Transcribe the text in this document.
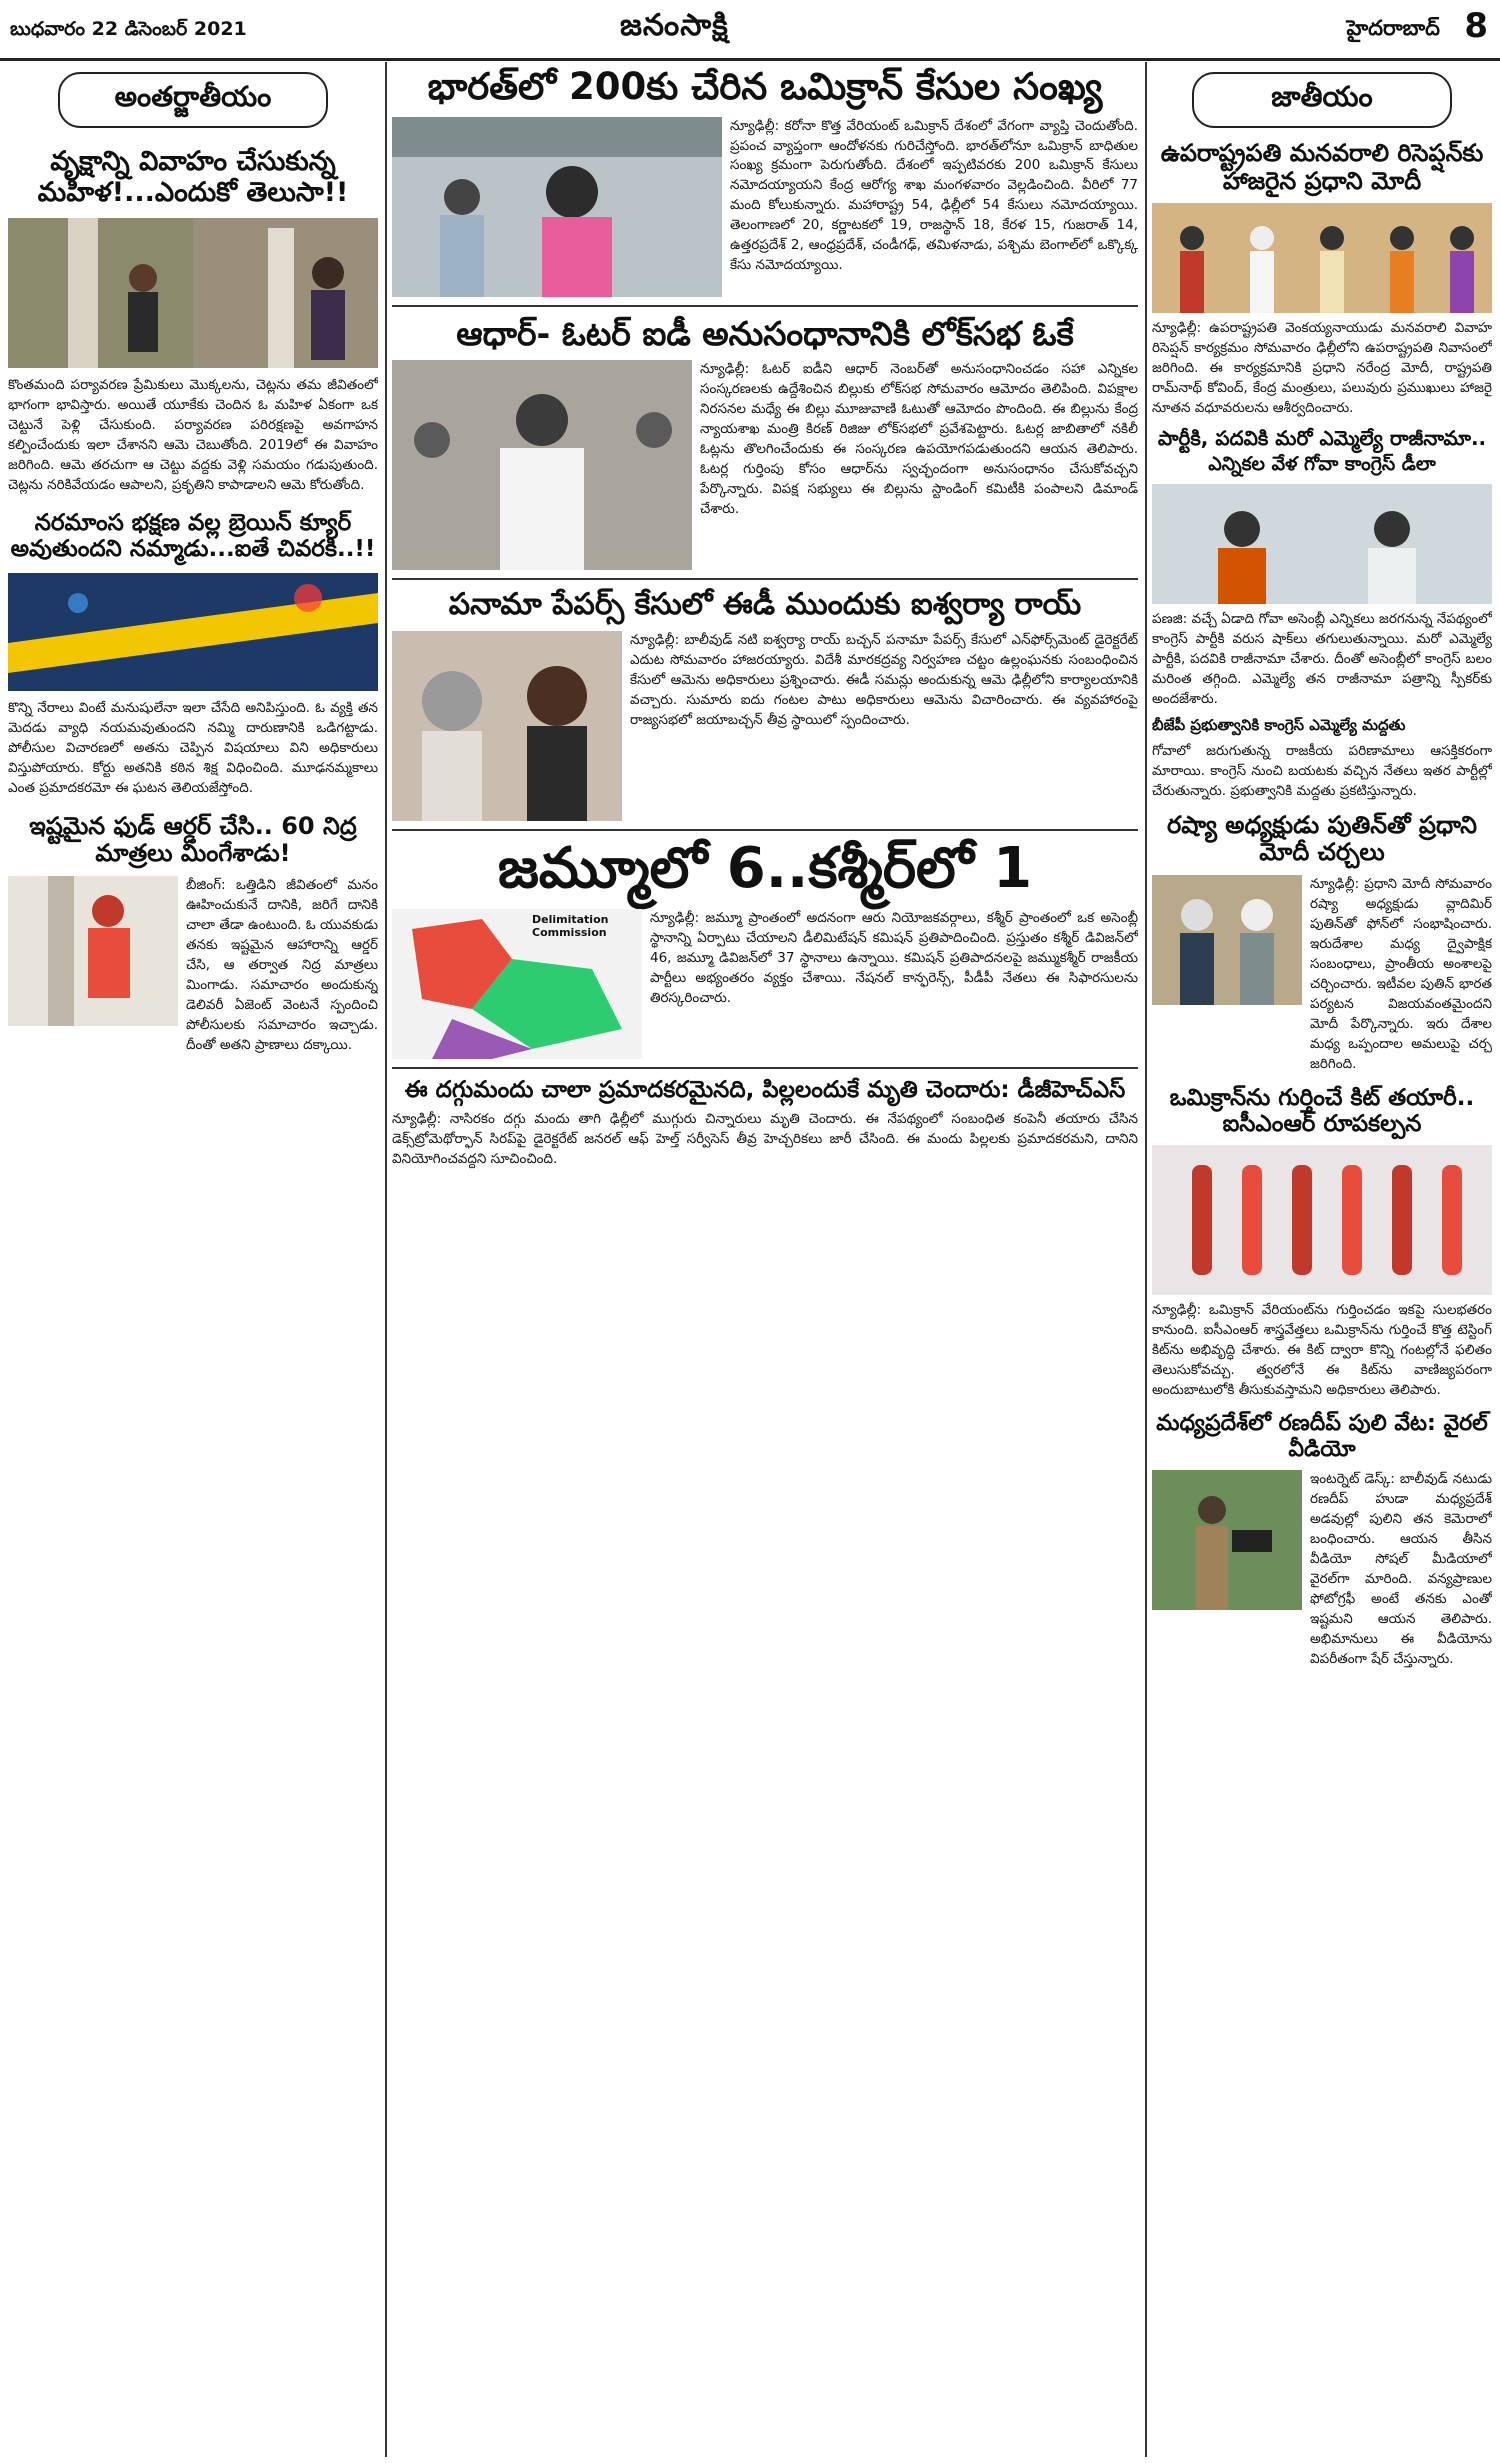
బుధవారం 22 డిసెంబర్ 2021	జనంసాక్షి	హైదరాబాద్ 8
అంతర్జాతీయం
వృక్షాన్ని వివాహం చేసుకున్న మహిళ!...ఎందుకో తెలుసా!!

కొంతమంది పర్యావరణ ప్రేమికులు మొక్కలను, చెట్లను తమ జీవితంలో భాగంగా భావిస్తారు. అయితే యూకేకు చెందిన ఓ మహిళ ఏకంగా ఒక చెట్టునే పెళ్లి చేసుకుంది. పర్యావరణ పరిరక్షణపై అవగాహన కల్పించేందుకు ఇలా చేశానని ఆమె చెబుతోంది. 2019లో ఈ వివాహం జరిగింది. ఆమె తరచుగా ఆ చెట్టు వద్దకు వెళ్లి సమయం గడుపుతుంది. చెట్లను నరికివేయడం ఆపాలని, ప్రకృతిని కాపాడాలని ఆమె కోరుతోంది.

నరమాంస భక్షణ వల్ల బ్రెయిన్ క్యూర్ అవుతుందని నమ్మాడు...ఐతే చివరకి..!!

కొన్ని నేరాలు వింటే మనుషులేనా ఇలా చేసేది అనిపిస్తుంది. ఓ వ్యక్తి తన మెదడు వ్యాధి నయమవుతుందని నమ్మి దారుణానికి ఒడిగట్టాడు. పోలీసుల విచారణలో అతను చెప్పిన విషయాలు విని అధికారులు విస్తుపోయారు. కోర్టు అతనికి కఠిన శిక్ష విధించింది. మూఢనమ్మకాలు ఎంత ప్రమాదకరమో ఈ ఘటన తెలియజేస్తోంది.

ఇష్టమైన ఫుడ్ ఆర్డర్ చేసి.. 60 నిద్ర మాత్రలు మింగేశాడు!

బీజింగ్: ఒత్తిడిని జీవితంలో మనం ఊహించుకునే దానికి, జరిగే దానికి చాలా తేడా ఉంటుంది. ఓ యువకుడు తనకు ఇష్టమైన ఆహారాన్ని ఆర్డర్ చేసి, ఆ తర్వాత నిద్ర మాత్రలు మింగాడు. సమాచారం అందుకున్న డెలివరీ ఏజెంట్ వెంటనే స్పందించి పోలీసులకు సమాచారం ఇచ్చాడు. దీంతో అతని ప్రాణాలు దక్కాయి.

భారత్‌లో 200కు చేరిన ఒమిక్రాన్ కేసుల సంఖ్య

న్యూఢిల్లీ: కరోనా కొత్త వేరియంట్ ఒమిక్రాన్ దేశంలో వేగంగా వ్యాప్తి చెందుతోంది. ప్రపంచ వ్యాప్తంగా ఆందోళనకు గురిచేస్తోంది. భారత్‌లోనూ ఒమిక్రాన్ బాధితుల సంఖ్య క్రమంగా పెరుగుతోంది. దేశంలో ఇప్పటివరకు 200 ఒమిక్రాన్ కేసులు నమోదయ్యాయని కేంద్ర ఆరోగ్య శాఖ మంగళవారం వెల్లడించింది. వీరిలో 77 మంది కోలుకున్నారు. మహారాష్ట్ర 54, ఢిల్లీలో 54 కేసులు నమోదయ్యాయి. తెలంగాణలో 20, కర్ణాటకలో 19, రాజస్థాన్ 18, కేరళ 15, గుజరాత్ 14, ఉత్తరప్రదేశ్ 2, ఆంధ్రప్రదేశ్, చండీగఢ్, తమిళనాడు, పశ్చిమ బెంగాల్‌లో ఒక్కొక్క కేసు నమోదయ్యాయి.

ఆధార్- ఓటర్ ఐడీ అనుసంధానానికి లోక్‌సభ ఓకే

న్యూఢిల్లీ: ఓటర్ ఐడీని ఆధార్ నెంబర్‌తో అనుసంధానించడం సహా ఎన్నికల సంస్కరణలకు ఉద్దేశించిన బిల్లుకు లోక్‌సభ సోమవారం ఆమోదం తెలిపింది. విపక్షాల నిరసనల మధ్యే ఈ బిల్లు మూజువాణి ఓటుతో ఆమోదం పొందింది. ఈ బిల్లును కేంద్ర న్యాయశాఖ మంత్రి కిరణ్ రిజిజు లోక్‌సభలో ప్రవేశపెట్టారు. ఓటర్ల జాబితాలో నకిలీ ఓట్లను తొలగించేందుకు ఈ సంస్కరణ ఉపయోగపడుతుందని ఆయన తెలిపారు. ఓటర్ల గుర్తింపు కోసం ఆధార్‌ను స్వచ్ఛందంగా అనుసంధానం చేసుకోవచ్చని పేర్కొన్నారు. విపక్ష సభ్యులు ఈ బిల్లును స్టాండింగ్ కమిటీకి పంపాలని డిమాండ్ చేశారు.

పనామా పేపర్స్ కేసులో ఈడీ ముందుకు ఐశ్వర్యా రాయ్

న్యూఢిల్లీ: బాలీవుడ్ నటి ఐశ్వర్యా రాయ్ బచ్చన్ పనామా పేపర్స్ కేసులో ఎన్‌ఫోర్స్‌మెంట్ డైరెక్టరేట్ ఎదుట సోమవారం హాజరయ్యారు. విదేశీ మారకద్రవ్య నిర్వహణ చట్టం ఉల్లంఘనకు సంబంధించిన కేసులో ఆమెను అధికారులు ప్రశ్నించారు. ఈడీ సమన్లు అందుకున్న ఆమె ఢిల్లీలోని కార్యాలయానికి వచ్చారు. సుమారు ఐదు గంటల పాటు అధికారులు ఆమెను విచారించారు. ఈ వ్యవహారంపై రాజ్యసభలో జయాబచ్చన్ తీవ్ర స్థాయిలో స్పందించారు.

జమ్మూలో 6..కశ్మీర్‌లో 1
Delimitation Commission

న్యూఢిల్లీ: జమ్మూ ప్రాంతంలో అదనంగా ఆరు నియోజకవర్గాలు, కశ్మీర్ ప్రాంతంలో ఒక అసెంబ్లీ స్థానాన్ని ఏర్పాటు చేయాలని డీలిమిటేషన్ కమిషన్ ప్రతిపాదించింది. ప్రస్తుతం కశ్మీర్ డివిజన్‌లో 46, జమ్మూ డివిజన్‌లో 37 స్థానాలు ఉన్నాయి. కమిషన్ ప్రతిపాదనలపై జమ్ముకశ్మీర్ రాజకీయ పార్టీలు అభ్యంతరం వ్యక్తం చేశాయి. నేషనల్ కాన్ఫరెన్స్, పీడీపీ నేతలు ఈ సిఫారసులను తిరస్కరించారు.

ఈ దగ్గుమందు చాలా ప్రమాదకరమైనది, పిల్లలందుకే మృతి చెందారు: డీజీహెచ్ఎస్

న్యూఢిల్లీ: నాసిరకం దగ్గు మందు తాగి ఢిల్లీలో ముగ్గురు చిన్నారులు మృతి చెందారు. ఈ నేపథ్యంలో సంబంధిత కంపెనీ తయారు చేసిన డెక్స్‌ట్రోమెథోర్ఫాన్ సిరప్‌పై డైరెక్టరేట్ జనరల్ ఆఫ్ హెల్త్ సర్వీసెస్ తీవ్ర హెచ్చరికలు జారీ చేసింది. ఈ మందు పిల్లలకు ప్రమాదకరమని, దానిని వినియోగించవద్దని సూచించింది.

జాతీయం
ఉపరాష్ట్రపతి మనవరాలి రిసెప్షన్‌కు హాజరైన ప్రధాని మోదీ

న్యూఢిల్లీ: ఉపరాష్ట్రపతి వెంకయ్యనాయుడు మనవరాలి వివాహ రిసెప్షన్ కార్యక్రమం సోమవారం ఢిల్లీలోని ఉపరాష్ట్రపతి నివాసంలో జరిగింది. ఈ కార్యక్రమానికి ప్రధాని నరేంద్ర మోదీ, రాష్ట్రపతి రామ్‌నాథ్ కోవింద్, కేంద్ర మంత్రులు, పలువురు ప్రముఖులు హాజరై నూతన వధూవరులను ఆశీర్వదించారు.

పార్టీకి, పదవికి మరో ఎమ్మెల్యే రాజీనామా..
ఎన్నికల వేళ గోవా కాంగ్రెస్ డీలా

పణజి: వచ్చే ఏడాది గోవా అసెంబ్లీ ఎన్నికలు జరగనున్న నేపథ్యంలో కాంగ్రెస్ పార్టీకి వరుస షాక్‌లు తగులుతున్నాయి. మరో ఎమ్మెల్యే పార్టీకి, పదవికి రాజీనామా చేశారు. దీంతో అసెంబ్లీలో కాంగ్రెస్ బలం మరింత తగ్గింది. ఎమ్మెల్యే తన రాజీనామా పత్రాన్ని స్పీకర్‌కు అందజేశారు.

బీజేపీ ప్రభుత్వానికి కాంగ్రెస్ ఎమ్మెల్యే మద్దతు

గోవాలో జరుగుతున్న రాజకీయ పరిణామాలు ఆసక్తికరంగా మారాయి. కాంగ్రెస్ నుంచి బయటకు వచ్చిన నేతలు ఇతర పార్టీల్లో చేరుతున్నారు. ప్రభుత్వానికి మద్దతు ప్రకటిస్తున్నారు.

రష్యా అధ్యక్షుడు పుతిన్‌తో ప్రధాని మోదీ చర్చలు

న్యూఢిల్లీ: ప్రధాని మోదీ సోమవారం రష్యా అధ్యక్షుడు వ్లాదిమిర్ పుతిన్‌తో ఫోన్‌లో సంభాషించారు. ఇరుదేశాల మధ్య ద్వైపాక్షిక సంబంధాలు, ప్రాంతీయ అంశాలపై చర్చించారు. ఇటీవల పుతిన్ భారత పర్యటన విజయవంతమైందని మోదీ పేర్కొన్నారు. ఇరు దేశాల మధ్య ఒప్పందాల అమలుపై చర్చ జరిగింది.

ఒమిక్రాన్‌ను గుర్తించే కిట్ తయారీ.. ఐసీఎంఆర్ రూపకల్పన

న్యూఢిల్లీ: ఒమిక్రాన్ వేరియంట్‌ను గుర్తించడం ఇకపై సులభతరం కానుంది. ఐసీఎంఆర్ శాస్త్రవేత్తలు ఒమిక్రాన్‌ను గుర్తించే కొత్త టెస్టింగ్ కిట్‌ను అభివృద్ధి చేశారు. ఈ కిట్ ద్వారా కొన్ని గంటల్లోనే ఫలితం తెలుసుకోవచ్చు. త్వరలోనే ఈ కిట్‌ను వాణిజ్యపరంగా అందుబాటులోకి తీసుకువస్తామని అధికారులు తెలిపారు.

మధ్యప్రదేశ్‌లో రణదీప్ పులి వేట: వైరల్ వీడియో

ఇంటర్నెట్ డెస్క్: బాలీవుడ్ నటుడు రణదీప్ హుడా మధ్యప్రదేశ్ అడవుల్లో పులిని తన కెమెరాలో బంధించారు. ఆయన తీసిన వీడియో సోషల్ మీడియాలో వైరల్‌గా మారింది. వన్యప్రాణుల ఫోటోగ్రఫీ అంటే తనకు ఎంతో ఇష్టమని ఆయన తెలిపారు. అభిమానులు ఈ వీడియోను విపరీతంగా షేర్ చేస్తున్నారు.
